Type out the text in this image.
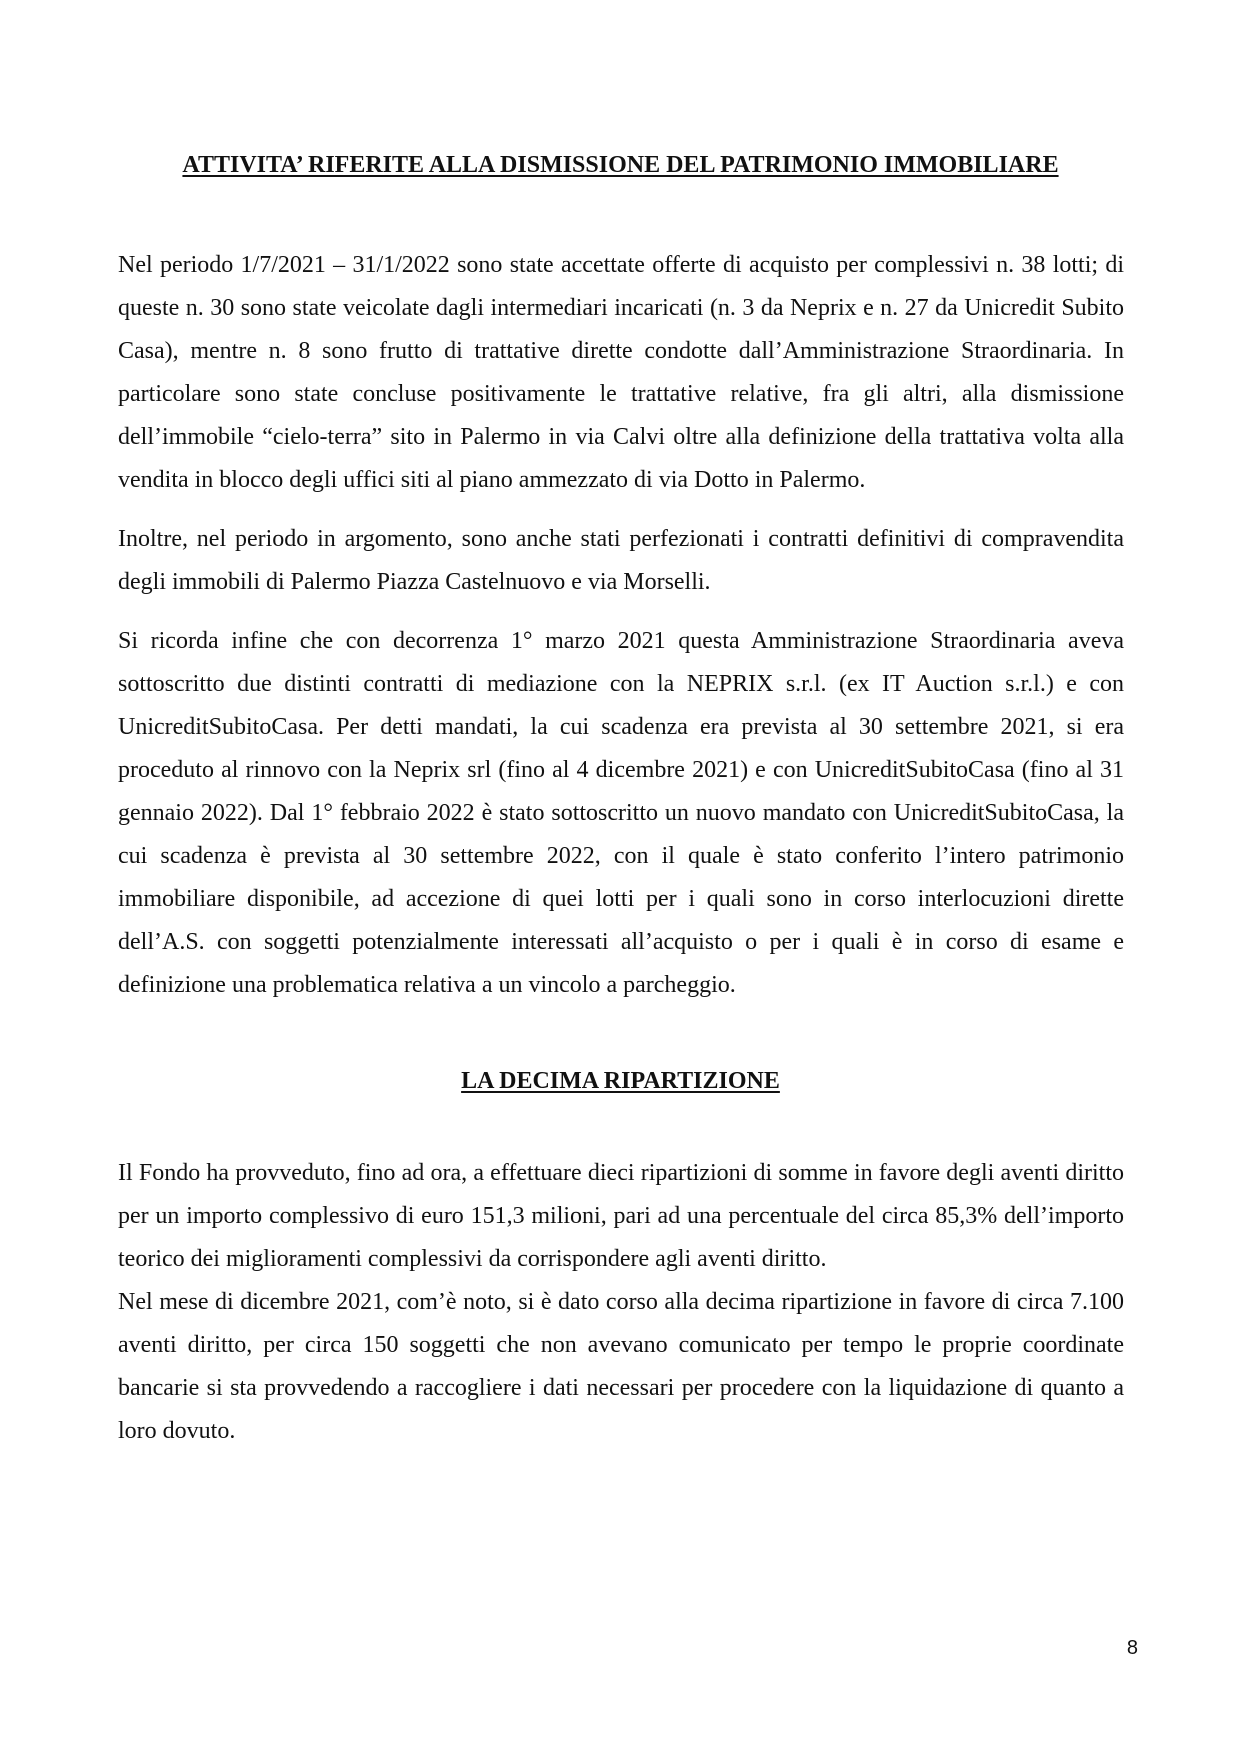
ATTIVITA’ RIFERITE ALLA DISMISSIONE DEL PATRIMONIO IMMOBILIARE

Nel periodo 1/7/2021 – 31/1/2022 sono state accettate offerte di acquisto per complessivi n. 38 lotti; di queste n. 30 sono state veicolate dagli intermediari incaricati (n. 3 da Neprix e n. 27 da Unicredit Subito Casa), mentre n. 8 sono frutto di trattative dirette condotte dall’Amministrazione Straordinaria. In particolare sono state concluse positivamente le trattative relative, fra gli altri, alla dismissione dell’immobile “cielo-terra” sito in Palermo in via Calvi oltre alla definizione della trattativa volta alla vendita in blocco degli uffici siti al piano ammezzato di via Dotto in Palermo.

Inoltre, nel periodo in argomento, sono anche stati perfezionati i contratti definitivi di compravendita degli immobili di Palermo Piazza Castelnuovo e via Morselli.

Si ricorda infine che con decorrenza 1° marzo 2021 questa Amministrazione Straordinaria aveva sottoscritto due distinti contratti di mediazione con la NEPRIX s.r.l. (ex IT Auction s.r.l.) e con UnicreditSubitoCasa. Per detti mandati, la cui scadenza era prevista al 30 settembre 2021, si era proceduto al rinnovo con la Neprix srl (fino al 4 dicembre 2021) e con UnicreditSubitoCasa (fino al 31 gennaio 2022). Dal 1° febbraio 2022 è stato sottoscritto un nuovo mandato con UnicreditSubitoCasa, la cui scadenza è prevista al 30 settembre 2022, con il quale è stato conferito l’intero patrimonio immobiliare disponibile, ad accezione di quei lotti per i quali sono in corso interlocuzioni dirette dell’A.S. con soggetti potenzialmente interessati all’acquisto o per i quali è in corso di esame e definizione una problematica relativa a un vincolo a parcheggio.

LA DECIMA RIPARTIZIONE

Il Fondo ha provveduto, fino ad ora, a effettuare dieci ripartizioni di somme in favore degli aventi diritto per un importo complessivo di euro 151,3 milioni, pari ad una percentuale del circa 85,3% dell’importo teorico dei miglioramenti complessivi da corrispondere agli aventi diritto.

Nel mese di dicembre 2021, com’è noto, si è dato corso alla decima ripartizione in favore di circa 7.100 aventi diritto, per circa 150 soggetti che non avevano comunicato per tempo le proprie coordinate bancarie si sta provvedendo a raccogliere i dati necessari per procedere con la liquidazione di quanto a loro dovuto.

8
